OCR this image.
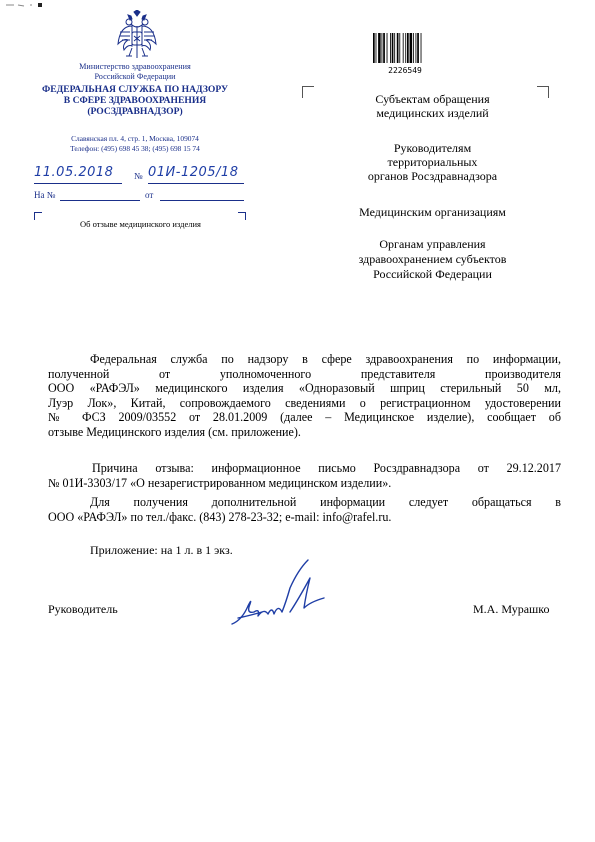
Министерство здравоохранения
Российской Федерации
ФЕДЕРАЛЬНАЯ СЛУЖБА ПО НАДЗОРУ
В СФЕРЕ ЗДРАВООХРАНЕНИЯ
(РОСЗДРАВНАДЗОР)
Славянская пл. 4, стр. 1, Москва, 109074
Телефон: (495) 698 45 38; (495) 698 15 74
11.05.2018 № 01И-1205/18
На №	от
Об отзыве медицинского изделия
2226549
Субъектам обращения
медицинских изделий
Руководителям
территориальных
органов Росздравнадзора
Медицинским организациям
Органам управления
здравоохранением субъектов
Российской Федерации
Федеральная служба по надзору в сфере здравоохранения по информации,
полученной от уполномоченного представителя производителя
ООО «РАФЭЛ» медицинского изделия «Одноразовый шприц стерильный 50 мл,
Луэр Лок», Китай, сопровождаемого сведениями о регистрационном удостоверении
№ ФСЗ 2009/03552 от 28.01.2009 (далее – Медицинское изделие), сообщает об
отзыве Медицинского изделия (см. приложение).
Причина отзыва: информационное письмо Росздравнадзора от 29.12.2017
№ 01И-3303/17 «О незарегистрированном медицинском изделии».
Для получения дополнительной информации следует обращаться в
ООО «РАФЭЛ» по тел./факс. (843) 278-23-32; e-mail: info@rafel.ru.
Приложение: на 1 л. в 1 экз.
Руководитель	М.А. Мурашко
